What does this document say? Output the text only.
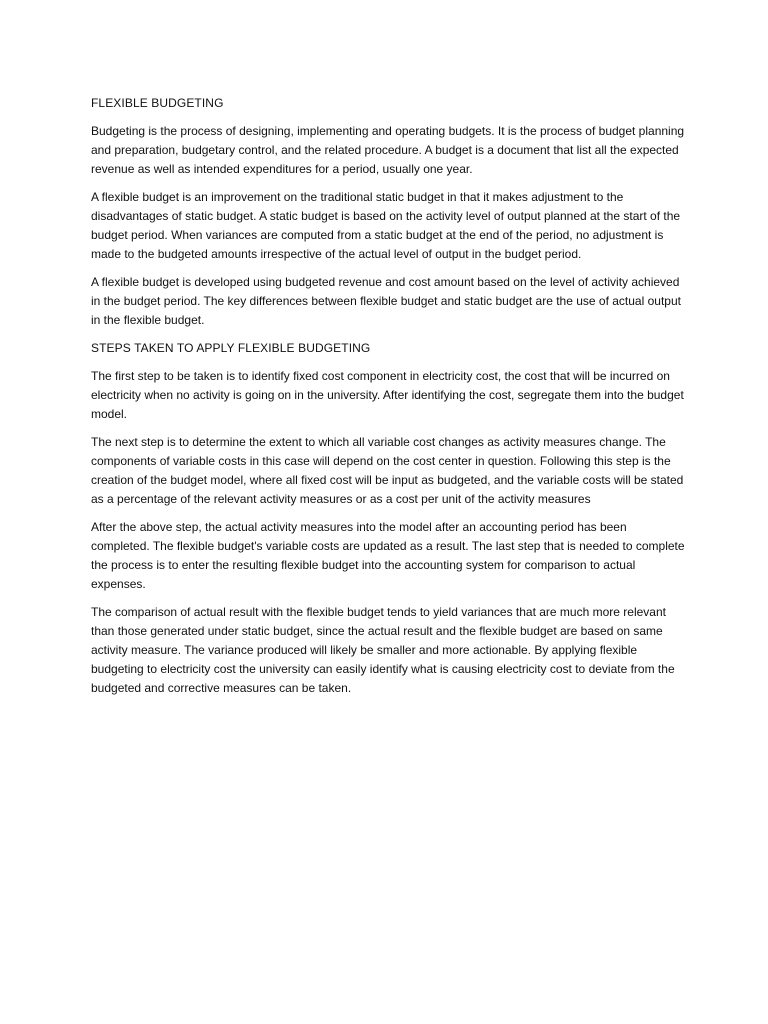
FLEXIBLE BUDGETING

Budgeting is the process of designing, implementing and operating budgets. It is the process of budget planning and preparation, budgetary control, and the related procedure. A budget is a document that list all the expected revenue as well as intended expenditures for a period, usually one year.

A flexible budget is an improvement on the traditional static budget in that it makes adjustment to the disadvantages of static budget. A static budget is based on the activity level of output planned at the start of the budget period. When variances are computed from a static budget at the end of the period, no adjustment is made to the budgeted amounts irrespective of the actual level of output in the budget period.

A flexible budget is developed using budgeted revenue and cost amount based on the level of activity achieved in the budget period. The key differences between flexible budget and static budget are the use of actual output in the flexible budget.

STEPS TAKEN TO APPLY FLEXIBLE BUDGETING

The first step to be taken is to identify fixed cost component in electricity cost, the cost that will be incurred on electricity when no activity is going on in the university. After identifying the cost, segregate them into the budget model.

The next step is to determine the extent to which all variable cost changes as activity measures change. The components of variable costs in this case will depend on the cost center in question. Following this step is the creation of the budget model, where all fixed cost will be input as budgeted, and the variable costs will be stated as a percentage of the relevant activity measures or as a cost per unit of the activity measures

After the above step, the actual activity measures into the model after an accounting period has been completed. The flexible budget's variable costs are updated as a result. The last step that is needed to complete the process is to enter the resulting flexible budget into the accounting system for comparison to actual expenses.

The comparison of actual result with the flexible budget tends to yield variances that are much more relevant than those generated under static budget, since the actual result and the flexible budget are based on same activity measure. The variance produced will likely be smaller and more actionable. By applying flexible budgeting to electricity cost the university can easily identify what is causing electricity cost to deviate from the budgeted and corrective measures can be taken.
